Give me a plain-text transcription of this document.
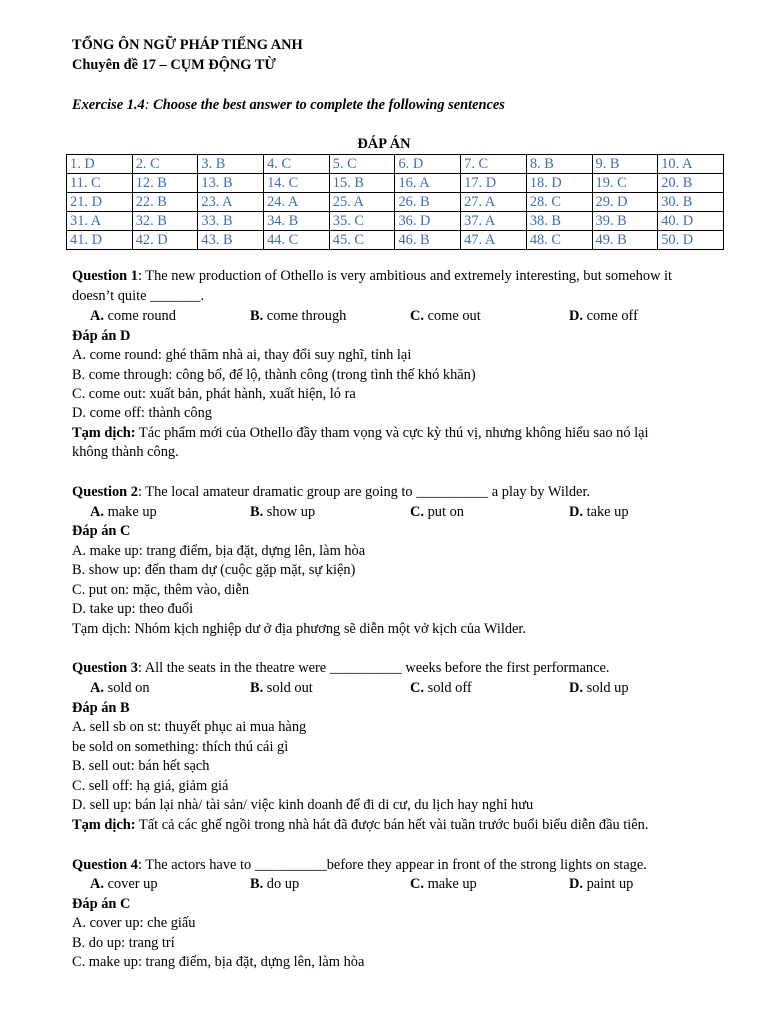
TỔNG ÔN NGỮ PHÁP TIẾNG ANH
Chuyên đề 17 – CỤM ĐỘNG TỪ
Exercise 1.4: Choose the best answer to complete the following sentences
ĐÁP ÁN
1. D	2. C	3. B	4. C	5. C	6. D	7. C	8. B	9. B	10. A
11. C	12. B	13. B	14. C	15. B	16. A	17. D	18. D	19. C	20. B
21. D	22. B	23. A	24. A	25. A	26. B	27. A	28. C	29. D	30. B
31. A	32. B	33. B	34. B	35. C	36. D	37. A	38. B	39. B	40. D
41. D	42. D	43. B	44. C	45. C	46. B	47. A	48. C	49. B	50. D
Question 1: The new production of Othello is very ambitious and extremely interesting, but somehow it
doesn’t quite _______.
A. come round	B. come through	C. come out	D. come off
Đáp án D
A. come round: ghé thăm nhà ai, thay đổi suy nghĩ, tỉnh lại
B. come through: công bố, để lộ, thành công (trong tình thế khó khăn)
C. come out: xuất bản, phát hành, xuất hiện, ló ra
D. come off: thành công
Tạm dịch: Tác phẩm mới của Othello đầy tham vọng và cực kỳ thú vị, nhưng không hiểu sao nó lại
không thành công.
Question 2: The local amateur dramatic group are going to __________ a play by Wilder.
A. make up	B. show up	C. put on	D. take up
Đáp án C
A. make up: trang điểm, bịa đặt, dựng lên, làm hòa
B. show up: đến tham dự (cuộc gặp mặt, sự kiện)
C. put on: mặc, thêm vào, diễn
D. take up: theo đuổi
Tạm dịch: Nhóm kịch nghiệp dư ở địa phương sẽ diễn một vở kịch của Wilder.
Question 3: All the seats in the theatre were __________ weeks before the first performance.
A. sold on	B. sold out	C. sold off	D. sold up
Đáp án B
A. sell sb on st: thuyết phục ai mua hàng
be sold on something: thích thú cái gì
B. sell out: bán hết sạch
C. sell off: hạ giá, giảm giá
D. sell up: bán lại nhà/ tài sản/ việc kinh doanh để đi di cư, du lịch hay nghỉ hưu
Tạm dịch: Tất cả các ghế ngồi trong nhà hát đã được bán hết vài tuần trước buổi biểu diễn đầu tiên.
Question 4: The actors have to __________before they appear in front of the strong lights on stage.
A. cover up	B. do up	C. make up	D. paint up
Đáp án C
A. cover up: che giấu
B. do up: trang trí
C. make up: trang điểm, bịa đặt, dựng lên, làm hòa
